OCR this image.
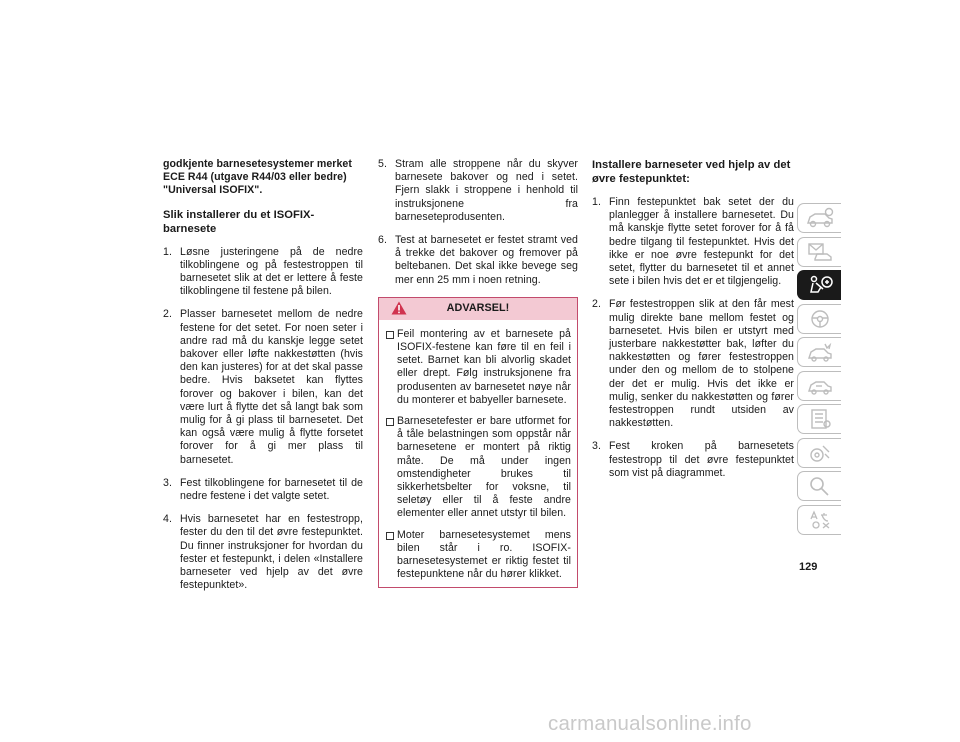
godkjente barnesetesystemer merket ECE R44 (utgave R44/03 eller bedre) "Universal ISOFIX".

Slik installerer du et ISOFIX-barnesete
1. Løsne justeringene på de nedre tilkoblingene og på festestroppen til barnesetet slik at det er lettere å feste tilkoblingene til festene på bilen.
2. Plasser barnesetet mellom de nedre festene for det setet. For noen seter i andre rad må du kanskje legge setet bakover eller løfte nakkestøtten (hvis den kan justeres) for at det skal passe bedre. Hvis baksetet kan flyttes forover og bakover i bilen, kan det være lurt å flytte det så langt bak som mulig for å gi plass til barnesetet. Det kan også være mulig å flytte forsetet forover for å gi mer plass til barnesetet.
3. Fest tilkoblingene for barnesetet til de nedre festene i det valgte setet.
4. Hvis barnesetet har en festestropp, fester du den til det øvre festepunktet. Du finner instruksjoner for hvordan du fester et festepunkt, i delen «Installere barneseter ved hjelp av det øvre festepunktet».
5. Stram alle stroppene når du skyver barnesete bakover og ned i setet. Fjern slakk i stroppene i henhold til instruksjonene fra barneseteprodusenten.
6. Test at barnesetet er festet stramt ved å trekke det bakover og fremover på beltebanen. Det skal ikke bevege seg mer enn 25 mm i noen retning.
ADVARSEL!
Feil montering av et barnesete på ISOFIX-festene kan føre til en feil i setet. Barnet kan bli alvorlig skadet eller drept. Følg instruksjonene fra produsenten av barnesetet nøye når du monterer et babyeller barnesete.
Barnesetefester er bare utformet for å tåle belastningen som oppstår når barnesetene er montert på riktig måte. De må under ingen omstendigheter brukes til sikkerhetsbelter for voksne, til seletøy eller til å feste andre elementer eller annet utstyr til bilen.
Moter barnesetesystemet mens bilen står i ro. ISOFIX-barnesetesystemet er riktig festet til festepunktene når du hører klikket.
Installere barneseter ved hjelp av det øvre festepunktet:
1. Finn festepunktet bak setet der du planlegger å installere barnesetet. Du må kanskje flytte setet forover for å få bedre tilgang til festepunktet. Hvis det ikke er noe øvre festepunkt for det setet, flytter du barnesetet til et annet sete i bilen hvis det er et tilgjengelig.
2. Før festestroppen slik at den får mest mulig direkte bane mellom festet og barnesetet. Hvis bilen er utstyrt med justerbare nakkestøtter bak, løfter du nakkestøtten og fører festestroppen under den og mellom de to stolpene der det er mulig. Hvis det ikke er mulig, senker du nakkestøtten og fører festestroppen rundt utsiden av nakkestøtten.
3. Fest kroken på barnesetets festestropp til det øvre festepunktet som vist på diagrammet.
129
carmanualsonline.info
